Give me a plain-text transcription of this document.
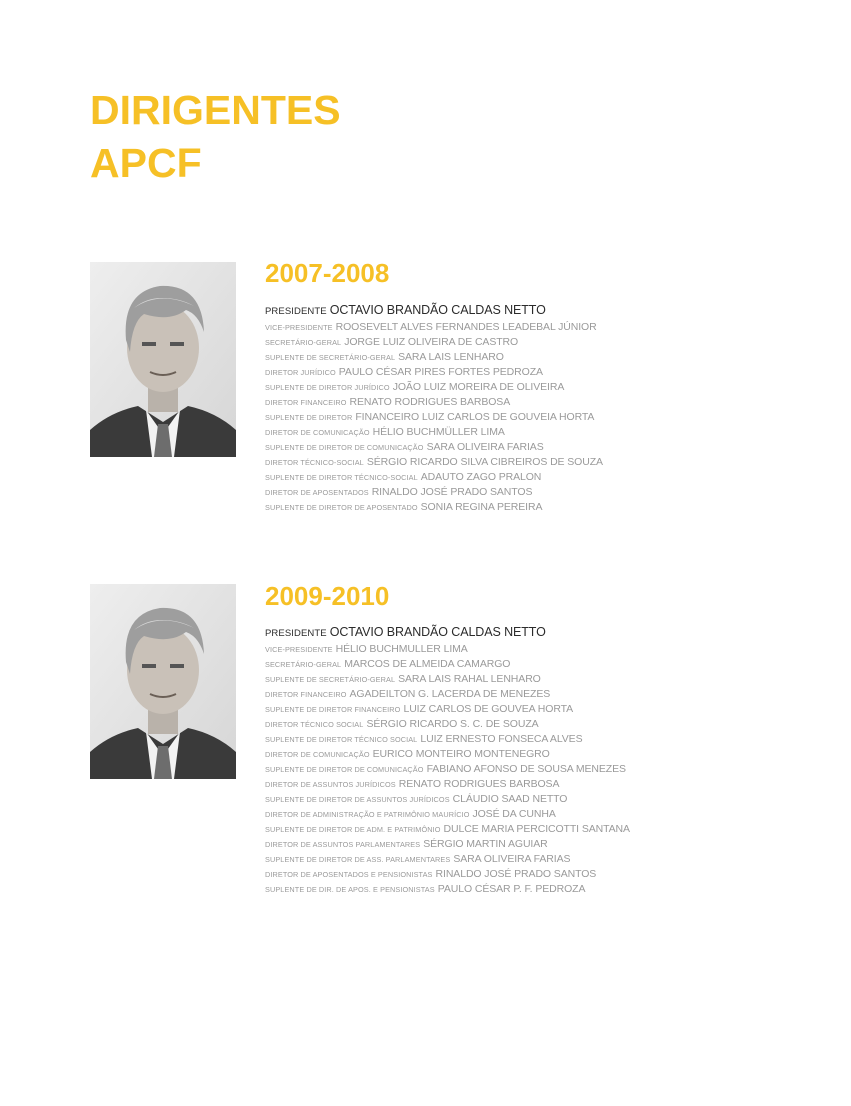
DIRIGENTES
APCF
2007-2008
PRESIDENTE OCTAVIO BRANDÃO CALDAS NETTO
VICE-PRESIDENTE ROOSEVELT ALVES FERNANDES LEADEBAL JÚNIOR
SECRETÁRIO-GERAL JORGE LUIZ OLIVEIRA DE CASTRO
SUPLENTE DE SECRETÁRIO-GERAL SARA LAIS LENHARO
DIRETOR JURÍDICO PAULO CÉSAR PIRES FORTES PEDROZA
SUPLENTE DE DIRETOR JURÍDICO JOÃO LUIZ MOREIRA DE OLIVEIRA
DIRETOR FINANCEIRO RENATO RODRIGUES BARBOSA
SUPLENTE DE DIRETOR FINANCEIRO LUIZ CARLOS DE GOUVEIA HORTA
DIRETOR DE COMUNICAÇÃO HÉLIO BUCHMÜLLER LIMA
SUPLENTE DE DIRETOR DE COMUNICAÇÃO SARA OLIVEIRA FARIAS
DIRETOR TÉCNICO-SOCIAL SÉRGIO RICARDO SILVA CIBREIROS DE SOUZA
SUPLENTE DE DIRETOR TÉCNICO-SOCIAL ADAUTO ZAGO PRALON
DIRETOR DE APOSENTADOS RINALDO JOSÉ PRADO SANTOS
SUPLENTE DE DIRETOR DE APOSENTADO SONIA REGINA PEREIRA
2009-2010
PRESIDENTE OCTAVIO BRANDÃO CALDAS NETTO
VICE-PRESIDENTE HÉLIO BUCHMULLER LIMA
SECRETÁRIO-GERAL MARCOS DE ALMEIDA CAMARGO
SUPLENTE DE SECRETÁRIO-GERAL SARA LAIS RAHAL LENHARO
DIRETOR FINANCEIRO AGADEILTON G. LACERDA DE MENEZES
SUPLENTE DE DIRETOR FINANCEIRO LUIZ CARLOS DE GOUVEA HORTA
DIRETOR TÉCNICO SOCIAL SÉRGIO RICARDO S. C. DE SOUZA
SUPLENTE DE DIRETOR TÉCNICO SOCIAL LUIZ ERNESTO FONSECA ALVES
DIRETOR DE COMUNICAÇÃO EURICO MONTEIRO MONTENEGRO
SUPLENTE DE DIRETOR DE COMUNICAÇÃO FABIANO AFONSO DE SOUSA MENEZES
DIRETOR DE ASSUNTOS JURÍDICOS RENATO RODRIGUES BARBOSA
SUPLENTE DE DIRETOR DE ASSUNTOS JURÍDICOS CLÁUDIO SAAD NETTO
DIRETOR DE ADMINISTRAÇÃO E PATRIMÔNIO MAURÍCIO JOSÉ DA CUNHA
SUPLENTE DE DIRETOR DE ADM. E PATRIMÔNIO DULCE MARIA PERCICOTTI SANTANA
DIRETOR DE ASSUNTOS PARLAMENTARES SÉRGIO MARTIN AGUIAR
SUPLENTE DE DIRETOR DE ASS. PARLAMENTARES SARA OLIVEIRA FARIAS
DIRETOR DE APOSENTADOS E PENSIONISTAS RINALDO JOSÉ PRADO SANTOS
SUPLENTE DE DIR. DE APOS. E PENSIONISTAS PAULO CÉSAR P. F. PEDROZA
